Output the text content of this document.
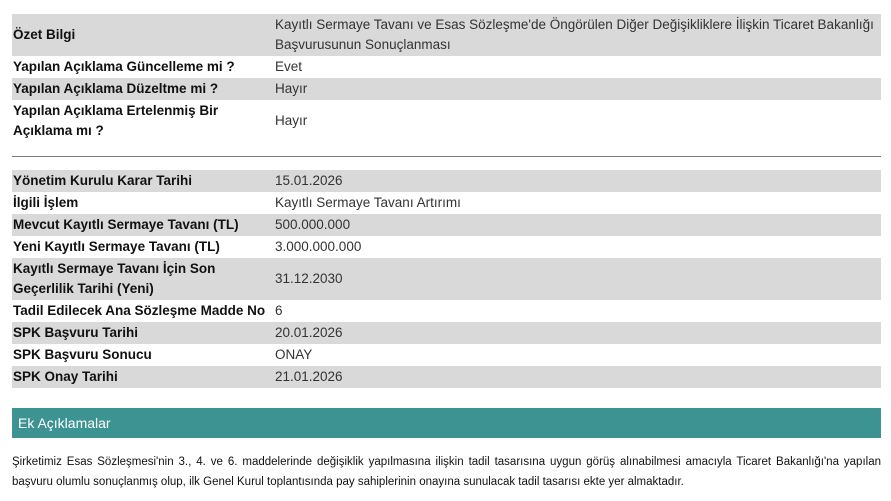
Özet Bilgi	Kayıtlı Sermaye Tavanı ve Esas Sözleşme'de Öngörülen Diğer Değişikliklere İlişkin Ticaret Bakanlığı Başvurusunun Sonuçlanması
Yapılan Açıklama Güncelleme mi ?	Evet
Yapılan Açıklama Düzeltme mi ?	Hayır
Yapılan Açıklama Ertelenmiş Bir Açıklama mı ?	Hayır
Yönetim Kurulu Karar Tarihi	15.01.2026
İlgili İşlem	Kayıtlı Sermaye Tavanı Artırımı
Mevcut Kayıtlı Sermaye Tavanı (TL)	500.000.000
Yeni Kayıtlı Sermaye Tavanı (TL)	3.000.000.000
Kayıtlı Sermaye Tavanı İçin Son Geçerlilik Tarihi (Yeni)	31.12.2030
Tadil Edilecek Ana Sözleşme Madde No	6
SPK Başvuru Tarihi	20.01.2026
SPK Başvuru Sonucu	ONAY
SPK Onay Tarihi	21.01.2026
Ek Açıklamalar
Şirketimiz Esas Sözleşmesi'nin 3., 4. ve 6. maddelerinde değişiklik yapılmasına ilişkin tadil tasarısına uygun görüş alınabilmesi amacıyla Ticaret Bakanlığı'na yapılan başvuru olumlu sonuçlanmış olup, ilk Genel Kurul toplantısında pay sahiplerinin onayına sunulacak tadil tasarısı ekte yer almaktadır.
